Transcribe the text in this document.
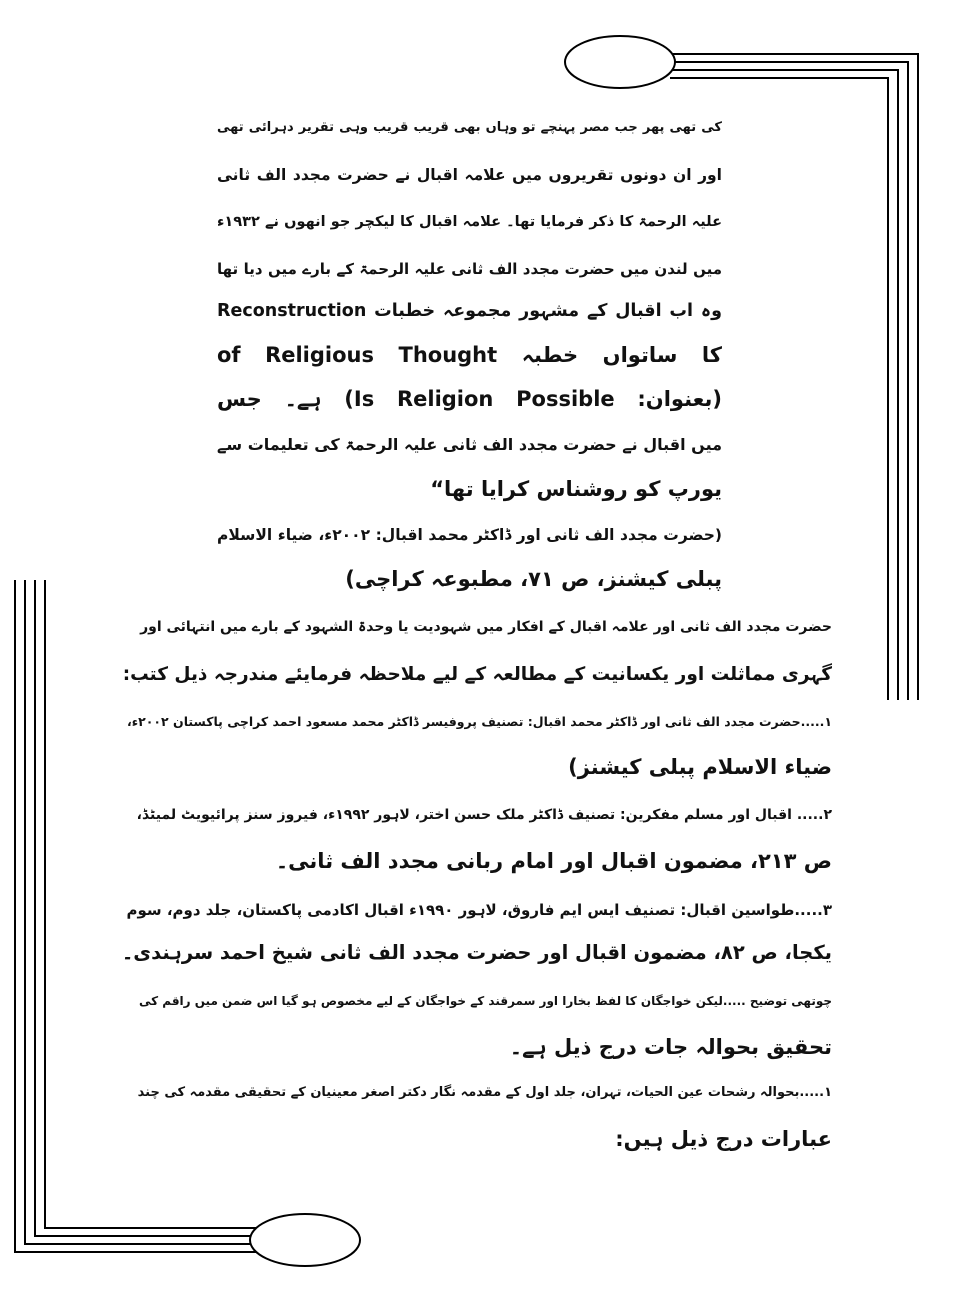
کی تھی پھر جب مصر پہنچے تو وہاں بھی قریب قریب وہی تقریر دہرائی تھی
اور ان دونوں تقریروں میں علامہ اقبال نے حضرت مجدد الف ثانی
علیہ الرحمۃ کا ذکر فرمایا تھا۔ علامہ اقبال کا لیکچر جو انھوں نے ۱۹۳۲ء
میں لندن میں حضرت مجدد الف ثانی علیہ الرحمۃ کے بارے میں دیا تھا
وہ اب اقبال کے مشہور مجموعہ خطبات Reconstruction
of Religious Thought کا ساتواں خطبہ
(بعنوان: Is Religion Possible) ہے۔ جس
میں اقبال نے حضرت مجدد الف ثانی علیہ الرحمۃ کی تعلیمات سے
یورپ کو روشناس کرایا تھا“
(حضرت مجدد الف ثانی اور ڈاکٹر محمد اقبال: ۲۰۰۲ء، ضیاء الاسلام
پبلی کیشنز، ص ۷۱، مطبوعہ کراچی)
حضرت مجدد الف ثانی اور علامہ اقبال کے افکار میں شہودیت یا وحدۃ الشہود کے بارے میں انتہائی اور
گہری مماثلت اور یکسانیت کے مطالعہ کے لیے ملاحظہ فرمایئے مندرجہ ذیل کتب:
۱.....حضرت مجدد الف ثانی اور ڈاکٹر محمد اقبال: تصنیف پروفیسر ڈاکٹر محمد مسعود احمد کراچی پاکستان ۲۰۰۲ء،
ضیاء الاسلام پبلی کیشنز)
۲..... اقبال اور مسلم مفکرین: تصنیف ڈاکٹر ملک حسن اختر، لاہور ۱۹۹۲ء، فیروز سنز پرائیویٹ لمیٹڈ،
ص ۲۱۳، مضمون اقبال اور امام ربانی مجدد الف ثانی۔
۳.....طواسین اقبال: تصنیف ایس ایم فاروق، لاہور ۱۹۹۰ء اقبال اکادمی پاکستان، جلد دوم، سوم
یکجا، ص ۸۲، مضمون اقبال اور حضرت مجدد الف ثانی شیخ احمد سرہندی۔
چوتھی توضیح .....لیکن خواجگان کا لفظ بخارا اور سمرقند کے خواجگان کے لیے مخصوص ہو گیا اس ضمن میں راقم کی
تحقیق بحوالہ جات درج ذیل ہے۔
۱.....بحوالہ رشحات عین الحیات، تہران، جلد اول کے مقدمہ نگار دکتر اصغر معینیان کے تحقیقی مقدمہ کی چند
عبارات درج ذیل ہیں:
